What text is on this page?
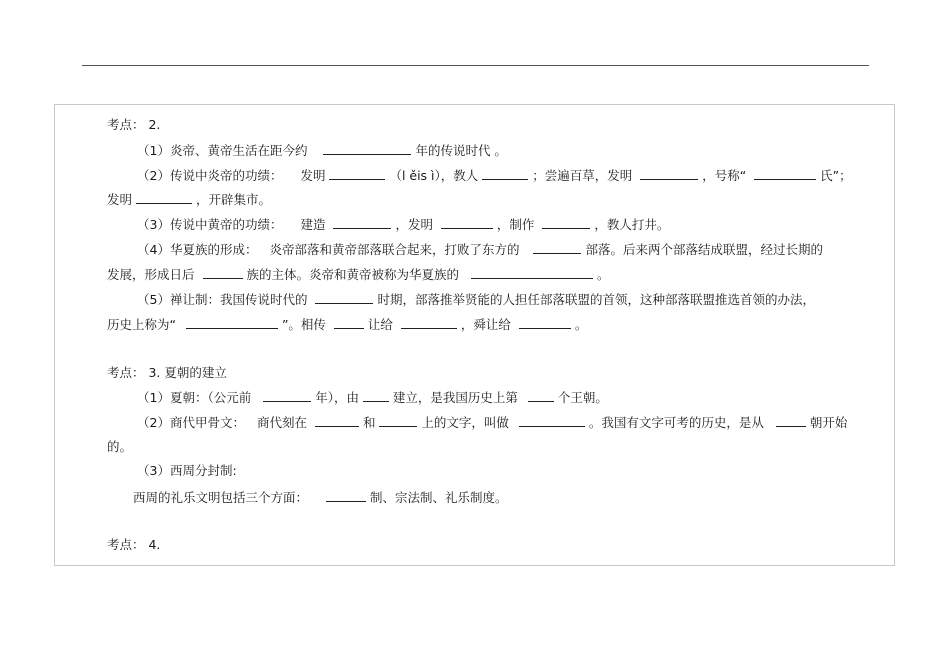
考点： 2.
（1）炎帝、黄帝生活在距今约	年的传说时代 。
（2）传说中炎帝的功绩： 发明	（l ěis ì），教人	；尝遍百草，发明	，号称“	氏”；
发明	，开辟集市。
（3）传说中黄帝的功绩： 建造	，发明	，制作	，教人打井。
（4）华夏族的形成： 炎帝部落和黄帝部落联合起来，打败了东方的	部落。后来两个部落结成联盟，经过长期的
发展，形成日后	族的主体。炎帝和黄帝被称为华夏族的	。
（5）禅让制：我国传说时代的	时期，部落推举贤能的人担任部落联盟的首领，这种部落联盟推选首领的办法，
历史上称为“	”。相传	让给	，舜让给	。
考点： 3. 夏朝的建立
（1）夏朝：（公元前	年），由	建立，是我国历史上第	个王朝。
（2）商代甲骨文： 商代刻在	和	上的文字，叫做	。我国有文字可考的历史，是从	朝开始
的。
（3）西周分封制:
西周的礼乐文明包括三个方面：	制、宗法制、礼乐制度。
考点： 4.
